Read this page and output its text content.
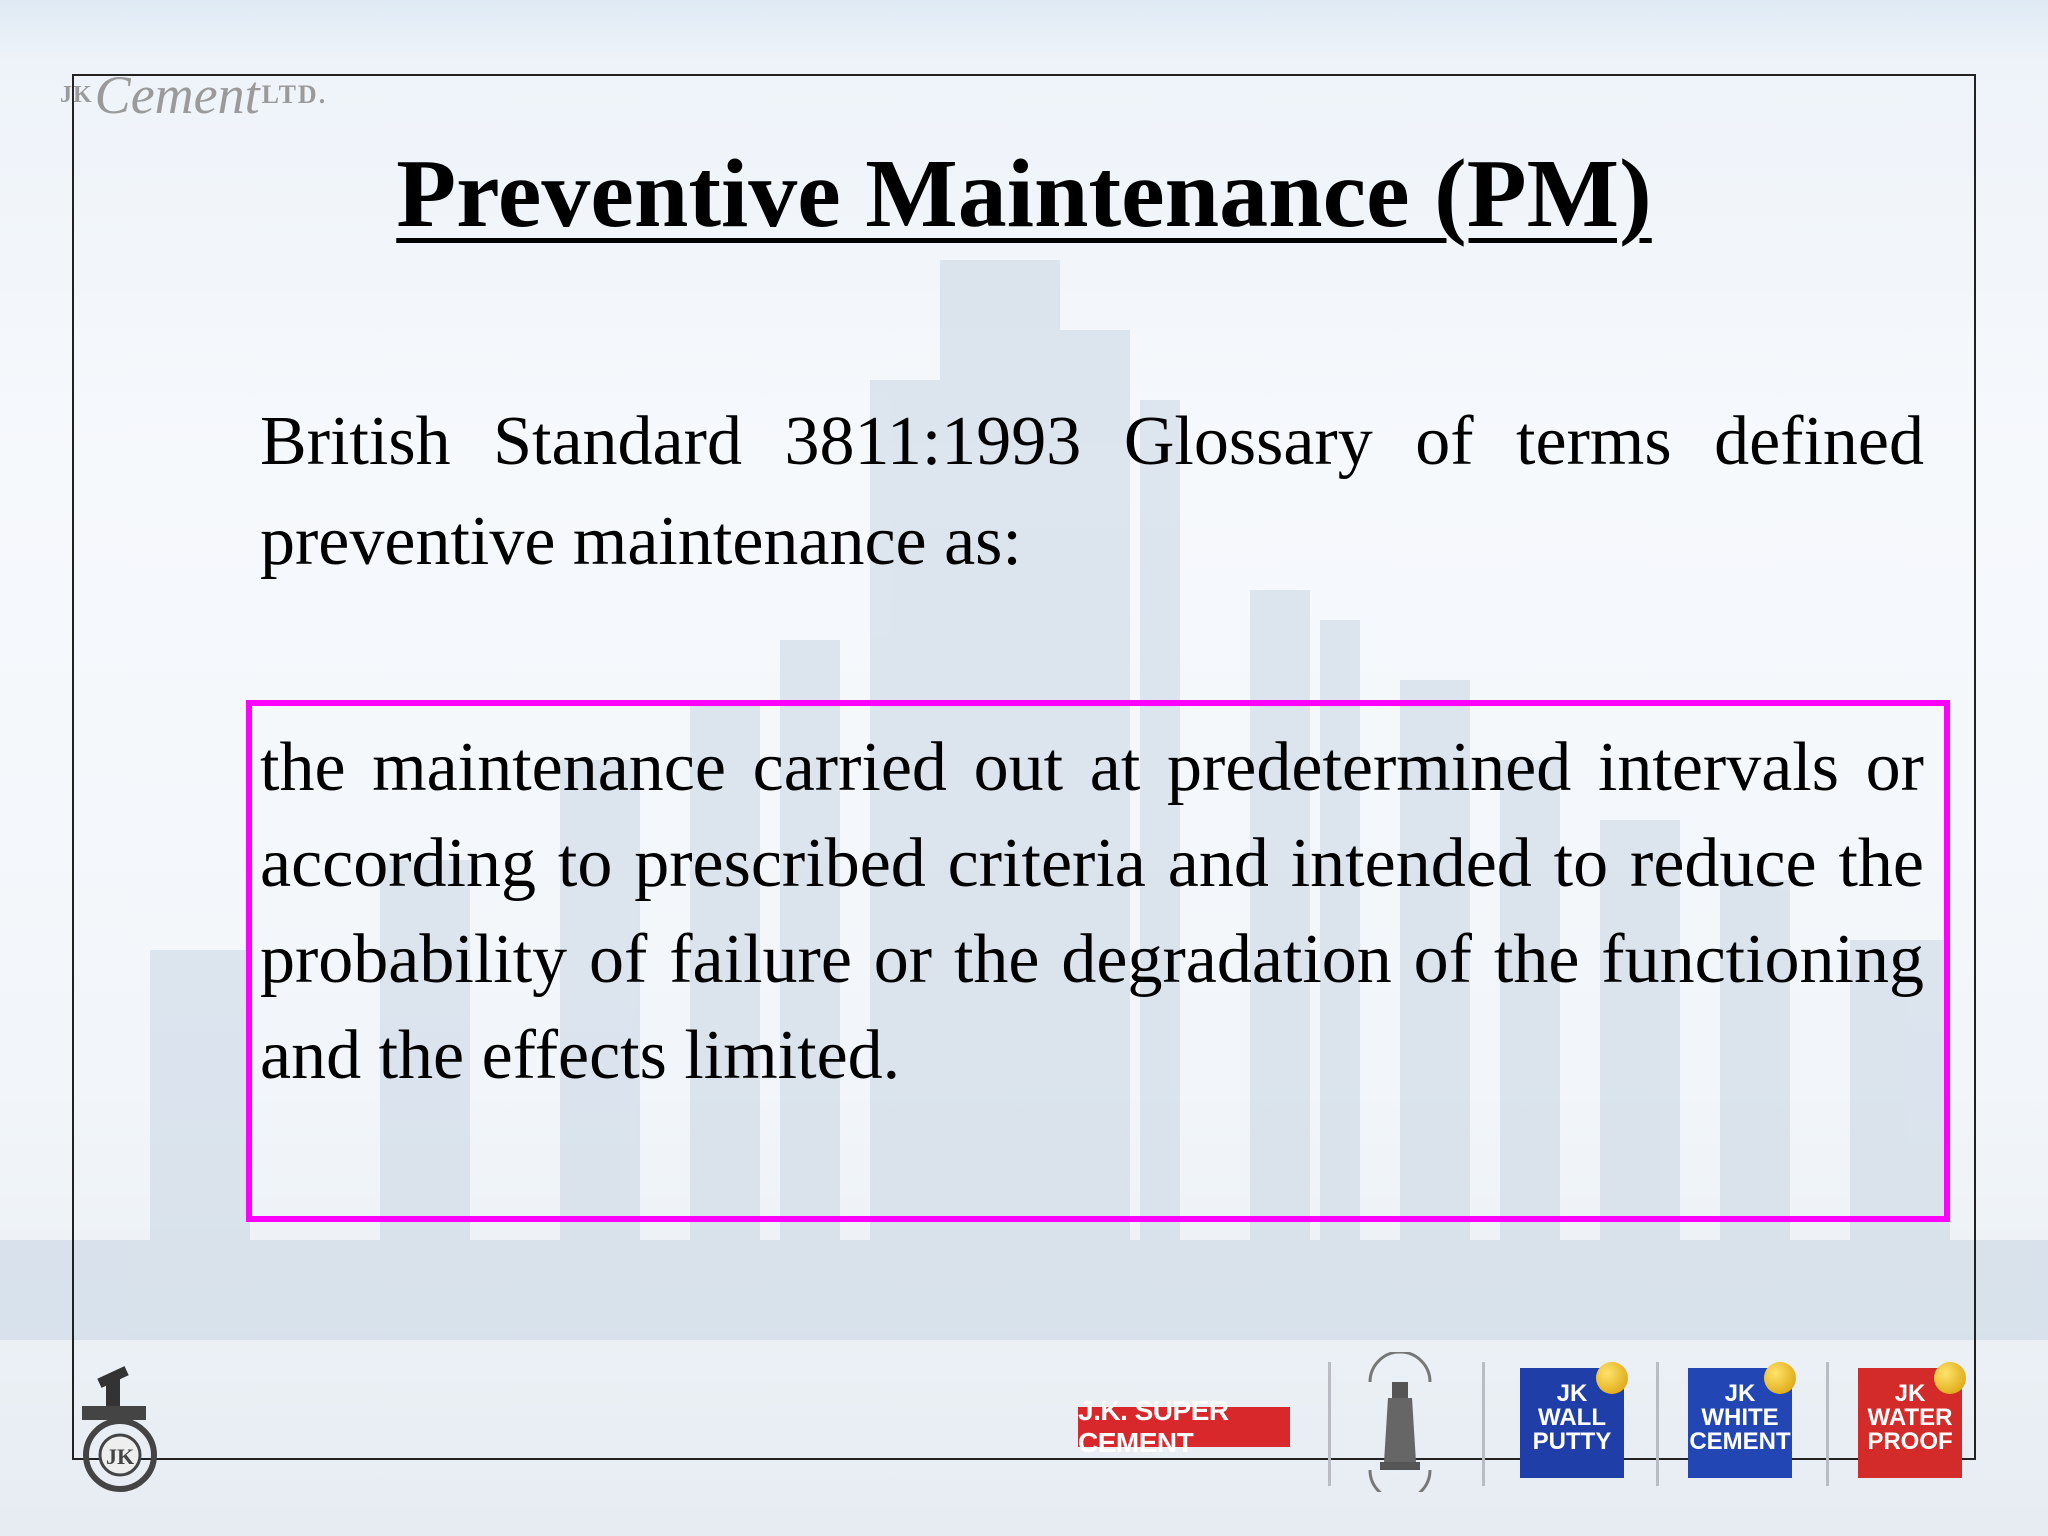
JK Cement LTD.
Preventive Maintenance (PM)
British Standard 3811:1993 Glossary of terms defined preventive maintenance as:
the maintenance carried out at predetermined intervals or according to prescribed criteria and intended to reduce the probability of failure or the degradation of the functioning and the effects limited.
JK
J.K. SUPER CEMENT
JK
WALL
PUTTY
JK
WHITE
CEMENT
JK
WATER
PROOF
